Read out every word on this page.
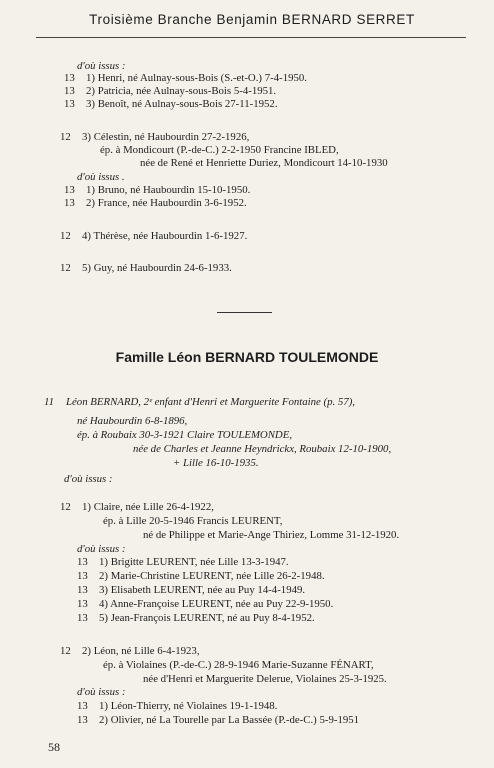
Troisième Branche Benjamin BERNARD SERRET
d'où issus :
13 1) Henri, né Aulnay-sous-Bois (S.-et-O.) 7-4-1950.
13 2) Patricia, née Aulnay-sous-Bois 5-4-1951.
13 3) Benoît, né Aulnay-sous-Bois 27-11-1952.
12 3) Célestin, né Haubourdin 27-2-1926,
ép. à Mondicourt (P.-de-C.) 2-2-1950 Francine IBLED,
née de René et Henriette Duriez, Mondicourt 14-10-1930
d'où issus .
13 1) Bruno, né Haubourdin 15-10-1950.
13 2) France, née Haubourdin 3-6-1952.
12 4) Thérèse, née Haubourdin 1-6-1927.
12 5) Guy, né Haubourdin 24-6-1933.
11 Léon BERNARD, 2ᵉ enfant d'Henri et Marguerite Fontaine (p. 57),
né Haubourdin 6-8-1896,
ép. à Roubaix 30-3-1921 Claire TOULEMONDE,
née de Charles et Jeanne Heyndrickx, Roubaix 12-10-1900,
+ Lille 16-10-1935.
d'où issus :
12 1) Claire, née Lille 26-4-1922,
ép. à Lille 20-5-1946 Francis LEURENT,
né de Philippe et Marie-Ange Thiriez, Lomme 31-12-1920.
d'où issus :
13 1) Brigitte LEURENT, née Lille 13-3-1947.
13 2) Marie-Christine LEURENT, née Lille 26-2-1948.
13 3) Elisabeth LEURENT, née au Puy 14-4-1949.
13 4) Anne-Françoise LEURENT, née au Puy 22-9-1950.
13 5) Jean-François LEURENT, né au Puy 8-4-1952.
12 2) Léon, né Lille 6-4-1923,
ép. à Violaines (P.-de-C.) 28-9-1946 Marie-Suzanne FÉNART,
née d'Henri et Marguerite Delerue, Violaines 25-3-1925.
d'où issus :
13 1) Léon-Thierry, né Violaines 19-1-1948.
13 2) Olivier, né La Tourelle par La Bassée (P.-de-C.) 5-9-1951
Famille Léon BERNARD TOULEMONDE
58
